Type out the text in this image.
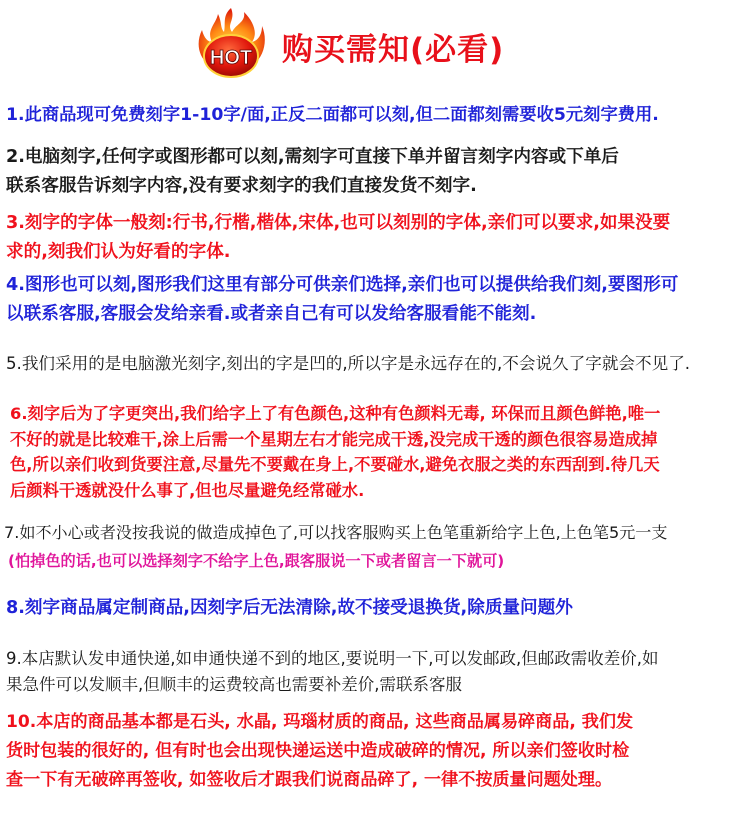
HOT 购买需知(必看)
1.此商品现可免费刻字1-10字/面,正反二面都可以刻,但二面都刻需要收5元刻字费用.
2.电脑刻字,任何字或图形都可以刻,需刻字可直接下单并留言刻字内容或下单后
联系客服告诉刻字内容,没有要求刻字的我们直接发货不刻字.
3.刻字的字体一般刻:行书,行楷,楷体,宋体,也可以刻别的字体,亲们可以要求,如果没要
求的,刻我们认为好看的字体.
4.图形也可以刻,图形我们这里有部分可供亲们选择,亲们也可以提供给我们刻,要图形可
以联系客服,客服会发给亲看.或者亲自己有可以发给客服看能不能刻.
5.我们采用的是电脑激光刻字,刻出的字是凹的,所以字是永远存在的,不会说久了字就会不见了.
6.刻字后为了字更突出,我们给字上了有色颜色,这种有色颜料无毒, 环保而且颜色鲜艳,唯一
不好的就是比较难干,涂上后需一个星期左右才能完成干透,没完成干透的颜色很容易造成掉
色,所以亲们收到货要注意,尽量先不要戴在身上,不要碰水,避免衣服之类的东西刮到.待几天
后颜料干透就没什么事了,但也尽量避免经常碰水.
7.如不小心或者没按我说的做造成掉色了,可以找客服购买上色笔重新给字上色,上色笔5元一支
(怕掉色的话,也可以选择刻字不给字上色,跟客服说一下或者留言一下就可)
8.刻字商品属定制商品,因刻字后无法清除,故不接受退换货,除质量问题外
9.本店默认发申通快递,如申通快递不到的地区,要说明一下,可以发邮政,但邮政需收差价,如
果急件可以发顺丰,但顺丰的运费较高也需要补差价,需联系客服
10.本店的商品基本都是石头, 水晶, 玛瑙材质的商品, 这些商品属易碎商品, 我们发
货时包装的很好的, 但有时也会出现快递运送中造成破碎的情况, 所以亲们签收时检
查一下有无破碎再签收, 如签收后才跟我们说商品碎了, 一律不按质量问题处理。
